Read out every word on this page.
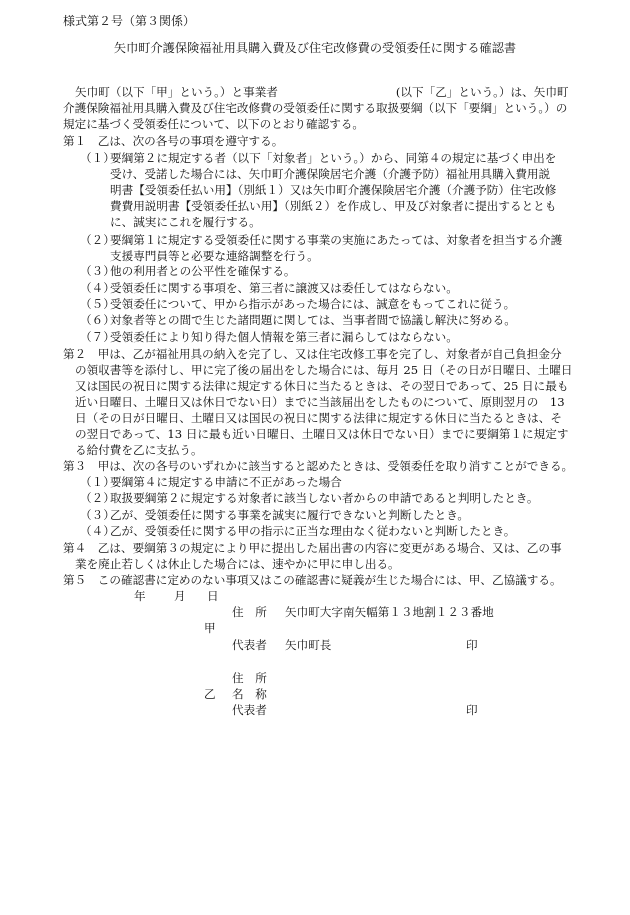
様式第２号（第３関係）
矢巾町介護保険福祉用具購入費及び住宅改修費の受領委任に関する確認書
矢巾町（以下「甲」という。）と事業者	(以下「乙」という。）は、矢巾町
介護保険福祉用具購入費及び住宅改修費の受領委任に関する取扱要綱（以下「要綱」という。）の
規定に基づく受領委任について、以下のとおり確認する。
第１　乙は、次の各号の事項を遵守する。
（１）
要綱第２に規定する者（以下「対象者」という。）から、同第４の規定に基づく申出を
受け、受諾した場合には、矢巾町介護保険居宅介護（介護予防）福祉用具購入費用説
明書【受領委任払い用】（別紙１）又は矢巾町介護保険居宅介護（介護予防）住宅改修
費費用説明書【受領委任払い用】（別紙２）を作成し、甲及び対象者に提出するととも
に、誠実にこれを履行する。
（２）
要綱第１に規定する受領委任に関する事業の実施にあたっては、対象者を担当する介護
支援専門員等と必要な連絡調整を行う。
（３）
他の利用者との公平性を確保する。
（４）
受領委任に関する事項を、第三者に譲渡又は委任してはならない。
（５）
受領委任について、甲から指示があった場合には、誠意をもってこれに従う。
（６）
対象者等との間で生じた諸問題に関しては、当事者間で協議し解決に努める。
（７）
受領委任により知り得た個人情報を第三者に漏らしてはならない。
第２　甲は、乙が福祉用具の納入を完了し、又は住宅改修工事を完了し、対象者が自己負担金分
の領収書等を添付し、甲に完了後の届出をした場合には、毎月 25 日（その日が日曜日、土曜日
又は国民の祝日に関する法律に規定する休日に当たるときは、その翌日であって、25 日に最も
近い日曜日、土曜日又は休日でない日）までに当該届出をしたものについて、原則翌月の　13
日（その日が日曜日、土曜日又は国民の祝日に関する法律に規定する休日に当たるときは、そ
の翌日であって、13 日に最も近い日曜日、土曜日又は休日でない日）までに要綱第１に規定す
る給付費を乙に支払う。
第３　甲は、次の各号のいずれかに該当すると認めたときは、受領委任を取り消すことができる。
（１）
要綱第４に規定する申請に不正があった場合
（２）
取扱要綱第２に規定する対象者に該当しない者からの申請であると判明したとき。
（３）
乙が、受領委任に関する事業を誠実に履行できないと判断したとき。
（４）
乙が、受領委任に関する甲の指示に正当な理由なく従わないと判断したとき。
第４　乙は、要綱第３の規定により甲に提出した届出書の内容に変更がある場合、又は、乙の事
業を廃止若しくは休止した場合には、速やかに甲に申し出る。
第５　この確認書に定めのない事項又はこの確認書に疑義が生じた場合には、甲、乙協議する。
年 月 日
住　所 矢巾町大字南矢幅第１３地割１２３番地
甲
代表者 矢巾町長	印
住　所
乙 名　称
代表者	印
